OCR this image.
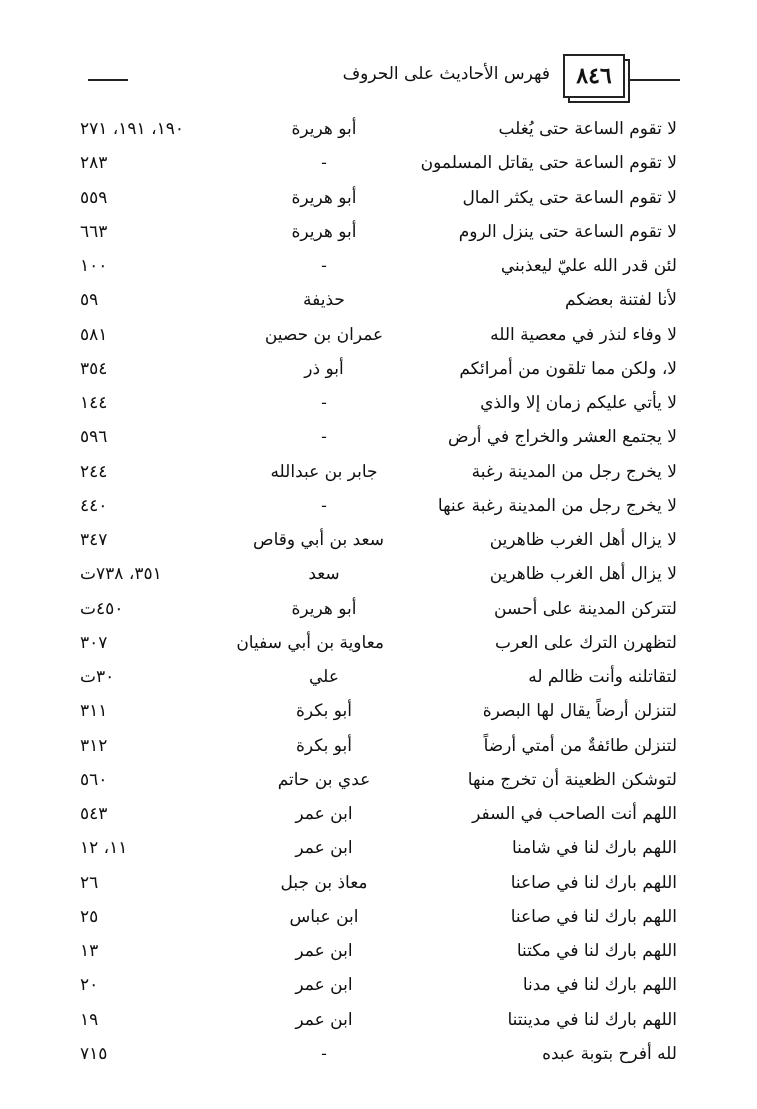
٨٤٦
فهرس الأحاديث على الحروف
لا تقوم الساعة حتى يُغلب
أبو هريرة
١٩٠، ١٩١، ٢٧١
لا تقوم الساعة حتى يقاتل المسلمون
-
٢٨٣
لا تقوم الساعة حتى يكثر المال
أبو هريرة
٥٥٩
لا تقوم الساعة حتى ينزل الروم
أبو هريرة
٦٦٣
لئن قدر الله عليّ ليعذبني
-
١٠٠
لأنا لفتنة بعضكم
حذيفة
٥٩
لا وفاء لنذر في معصية الله
عمران بن حصين
٥٨١
لا، ولكن مما تلقون من أمرائكم
أبو ذر
٣٥٤
لا يأتي عليكم زمان إلا والذي
-
١٤٤
لا يجتمع العشر والخراج في أرض
-
٥٩٦
لا يخرج رجل من المدينة رغبة
جابر بن عبدالله
٢٤٤
لا يخرج رجل من المدينة رغبة عنها
-
٤٤٠
لا يزال أهل الغرب ظاهرين
سعد بن أبي وقاص
٣٤٧
لا يزال أهل الغرب ظاهرين
سعد
٣٥١، ٧٣٨ت
لتتركن المدينة على أحسن
أبو هريرة
٤٥٠ت
لتظهرن الترك على العرب
معاوية بن أبي سفيان
٣٠٧
لتقاتلنه وأنت ظالم له
علي
٣٠ت
لتنزلن أرضاً يقال لها البصرة
أبو بكرة
٣١١
لتنزلن طائفةٌ من أمتي أرضاً
أبو بكرة
٣١٢
لتوشكن الظعينة أن تخرج منها
عدي بن حاتم
٥٦٠
اللهم أنت الصاحب في السفر
ابن عمر
٥٤٣
اللهم بارك لنا في شامنا
ابن عمر
١١، ١٢
اللهم بارك لنا في صاعنا
معاذ بن جبل
٢٦
اللهم بارك لنا في صاعنا
ابن عباس
٢٥
اللهم بارك لنا في مكتنا
ابن عمر
١٣
اللهم بارك لنا في مدنا
ابن عمر
٢٠
اللهم بارك لنا في مدينتنا
ابن عمر
١٩
لله أفرح بتوبة عبده
-
٧١٥
